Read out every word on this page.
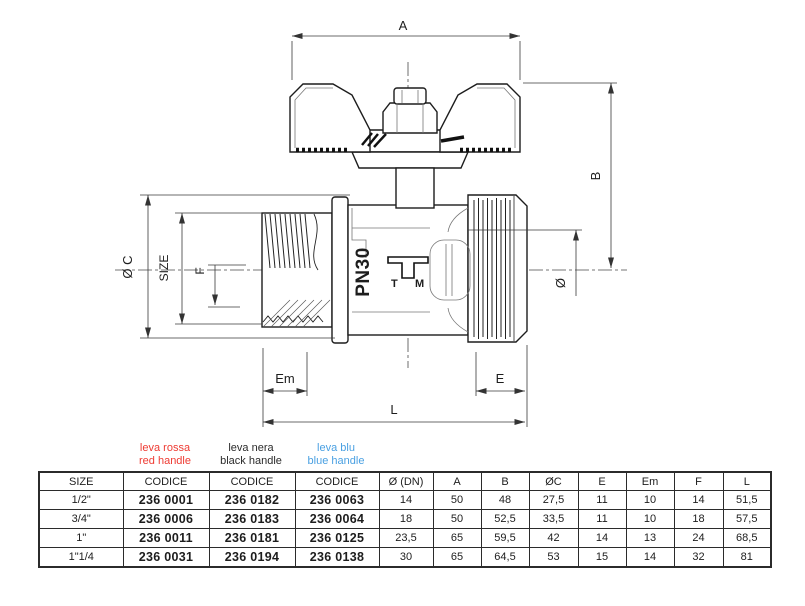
PN30 T M
A
B
Ø
Ø C SIZE F
Em	E
L
leva rossa
red handle
leva nera
black handle
leva blu
blue handle
SIZE	CODICE	CODICE	CODICE	Ø (DN)	A	B	ØC	E	Em	F	L
1/2"	236 0001	236 0182	236 0063	14	50	48	27,5	11	10	14	51,5
3/4"	236 0006	236 0183	236 0064	18	50	52,5	33,5	11	10	18	57,5
1"	236 0011	236 0181	236 0125	23,5	65	59,5	42	14	13	24	68,5
1"1/4	236 0031	236 0194	236 0138	30	65	64,5	53	15	14	32	81
